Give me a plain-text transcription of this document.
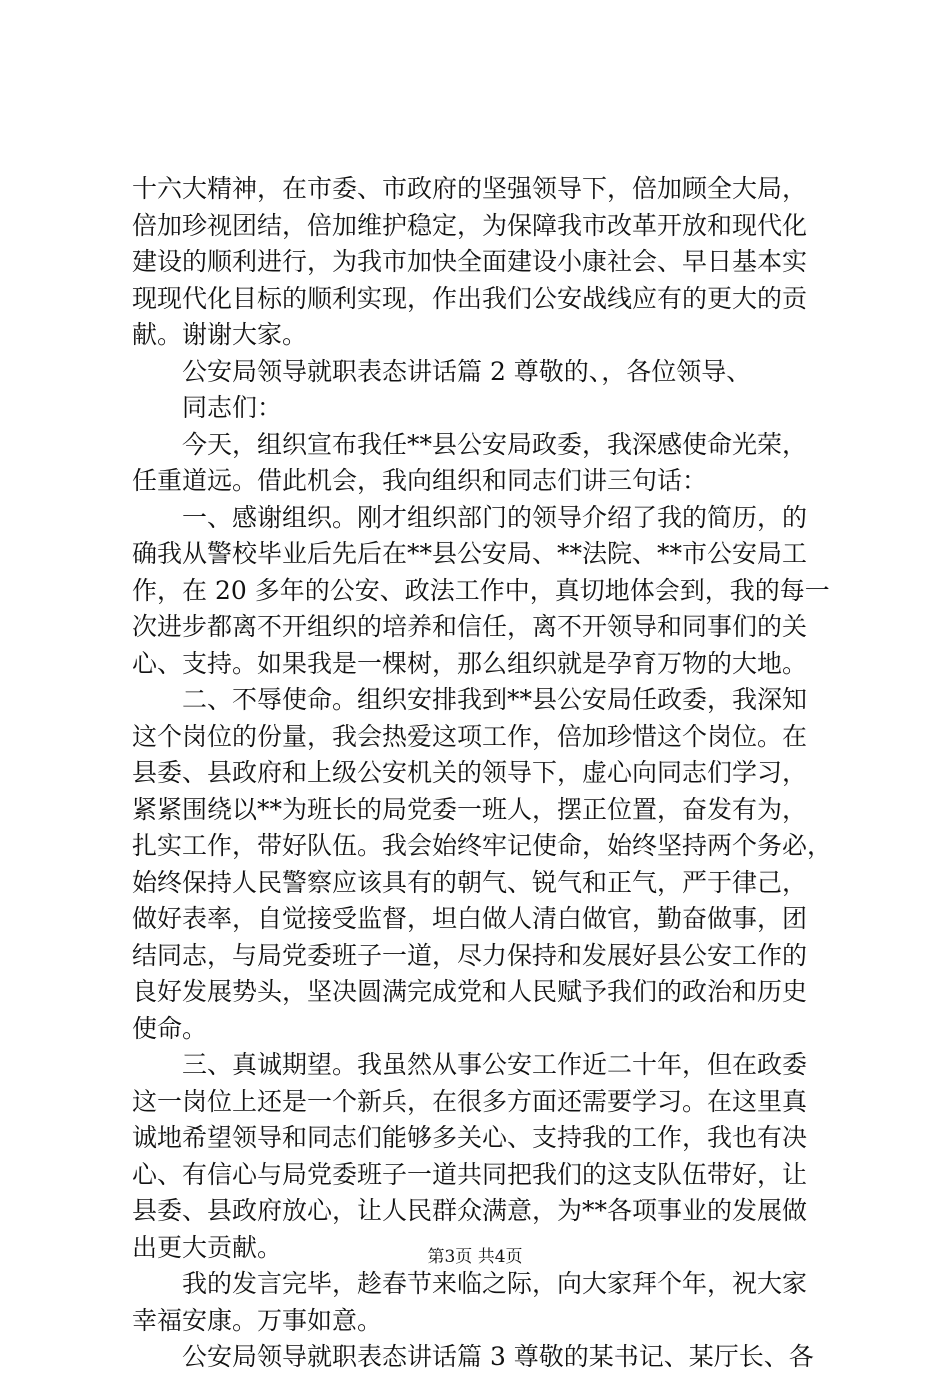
十六大精神，在市委、市政府的坚强领导下，倍加顾全大局，
倍加珍视团结，倍加维护稳定，为保障我市改革开放和现代化
建设的顺利进行，为我市加快全面建设小康社会、早日基本实
现现代化目标的顺利实现，作出我们公安战线应有的更大的贡
献。谢谢大家。
公安局领导就职表态讲话篇 2 尊敬的、，各位领导、
同志们：
今天，组织宣布我任**县公安局政委，我深感使命光荣，
任重道远。借此机会，我向组织和同志们讲三句话：
一、感谢组织。刚才组织部门的领导介绍了我的简历，的
确我从警校毕业后先后在**县公安局、**法院、**市公安局工
作，在 20 多年的公安、政法工作中，真切地体会到，我的每一
次进步都离不开组织的培养和信任，离不开领导和同事们的关
心、支持。如果我是一棵树，那么组织就是孕育万物的大地。
二、不辱使命。组织安排我到**县公安局任政委，我深知
这个岗位的份量，我会热爱这项工作，倍加珍惜这个岗位。在
县委、县政府和上级公安机关的领导下，虚心向同志们学习，
紧紧围绕以**为班长的局党委一班人，摆正位置，奋发有为，
扎实工作，带好队伍。我会始终牢记使命，始终坚持两个务必，
始终保持人民警察应该具有的朝气、锐气和正气，严于律己，
做好表率，自觉接受监督，坦白做人清白做官，勤奋做事，团
结同志，与局党委班子一道，尽力保持和发展好县公安工作的
良好发展势头，坚决圆满完成党和人民赋予我们的政治和历史
使命。
三、真诚期望。我虽然从事公安工作近二十年，但在政委
这一岗位上还是一个新兵，在很多方面还需要学习。在这里真
诚地希望领导和同志们能够多关心、支持我的工作，我也有决
心、有信心与局党委班子一道共同把我们的这支队伍带好，让
县委、县政府放心，让人民群众满意，为**各项事业的发展做
出更大贡献。
我的发言完毕，趁春节来临之际，向大家拜个年，祝大家
幸福安康。万事如意。
公安局领导就职表态讲话篇 3 尊敬的某书记、某厅长、各
第3页 共4页
